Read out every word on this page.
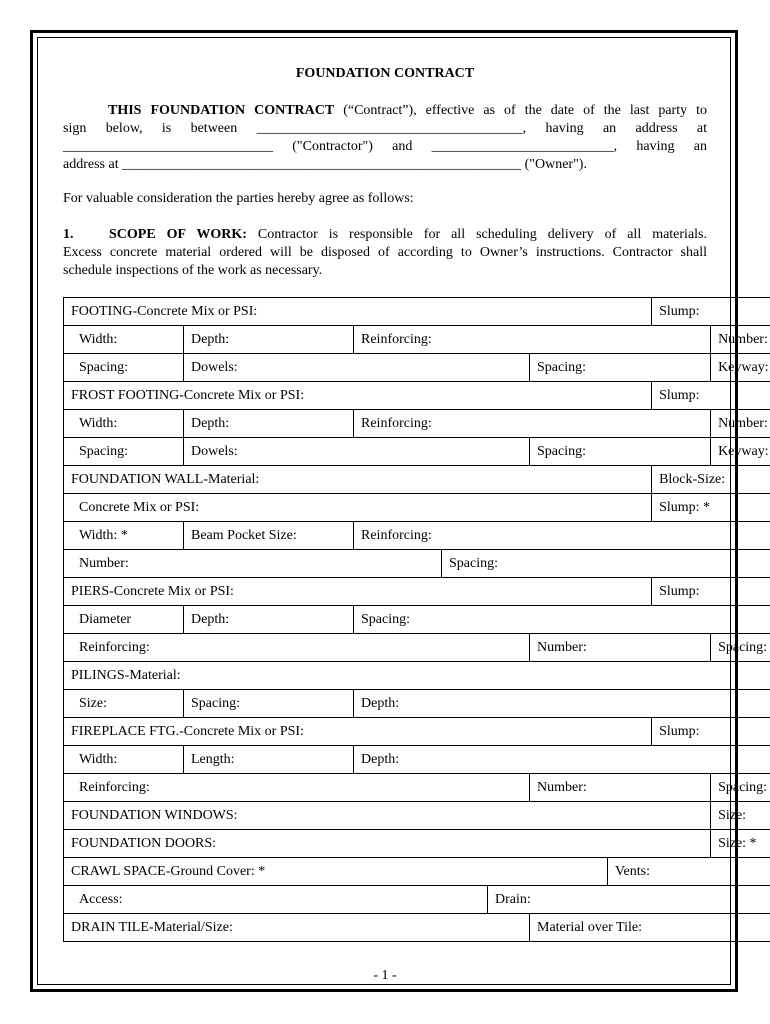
FOUNDATION CONTRACT
THIS FOUNDATION CONTRACT (“Contract”), effective as of the date of the last party to
sign below, is between ______________________________________, having an address at
______________________________ ("Contractor") and __________________________, having an
address at _________________________________________________________ ("Owner").
For valuable consideration the parties hereby agree as follows:
1.	SCOPE OF WORK: Contractor is responsible for all scheduling delivery of all materials.
Excess concrete material ordered will be disposed of according to Owner’s instructions. Contractor shall
schedule inspections of the work as necessary.
FOOTING-Concrete Mix or PSI:							Slump:	
Width:	Depth:	Reinforcing:						Number:
Spacing:	Dowels:				Spacing:			Keyway:
FROST FOOTING-Concrete Mix or PSI:							Slump:	
Width:	Depth:	Reinforcing:						Number:
Spacing:	Dowels:				Spacing:			Keyway:
FOUNDATION WALL-Material:							Block-Size:	
Concrete Mix or PSI:							Slump: *	
Width: *	Beam Pocket Size:	Reinforcing:						
Number:			Spacing:					
PIERS-Concrete Mix or PSI:							Slump:	
Diameter	Depth:	Spacing:						
Reinforcing:					Number:			Spacing:
PILINGS-Material:								
Size:	Spacing:	Depth:						
FIREPLACE FTG.-Concrete Mix or PSI:							Slump:	
Width:	Length:	Depth:						
Reinforcing:					Number:			Spacing:
FOUNDATION WINDOWS:								Size:
FOUNDATION DOORS:								Size: *
CRAWL SPACE-Ground Cover: *						Vents:		
Access:				Drain:				
DRAIN TILE-Material/Size:					Material over Tile:			
- 1 -
